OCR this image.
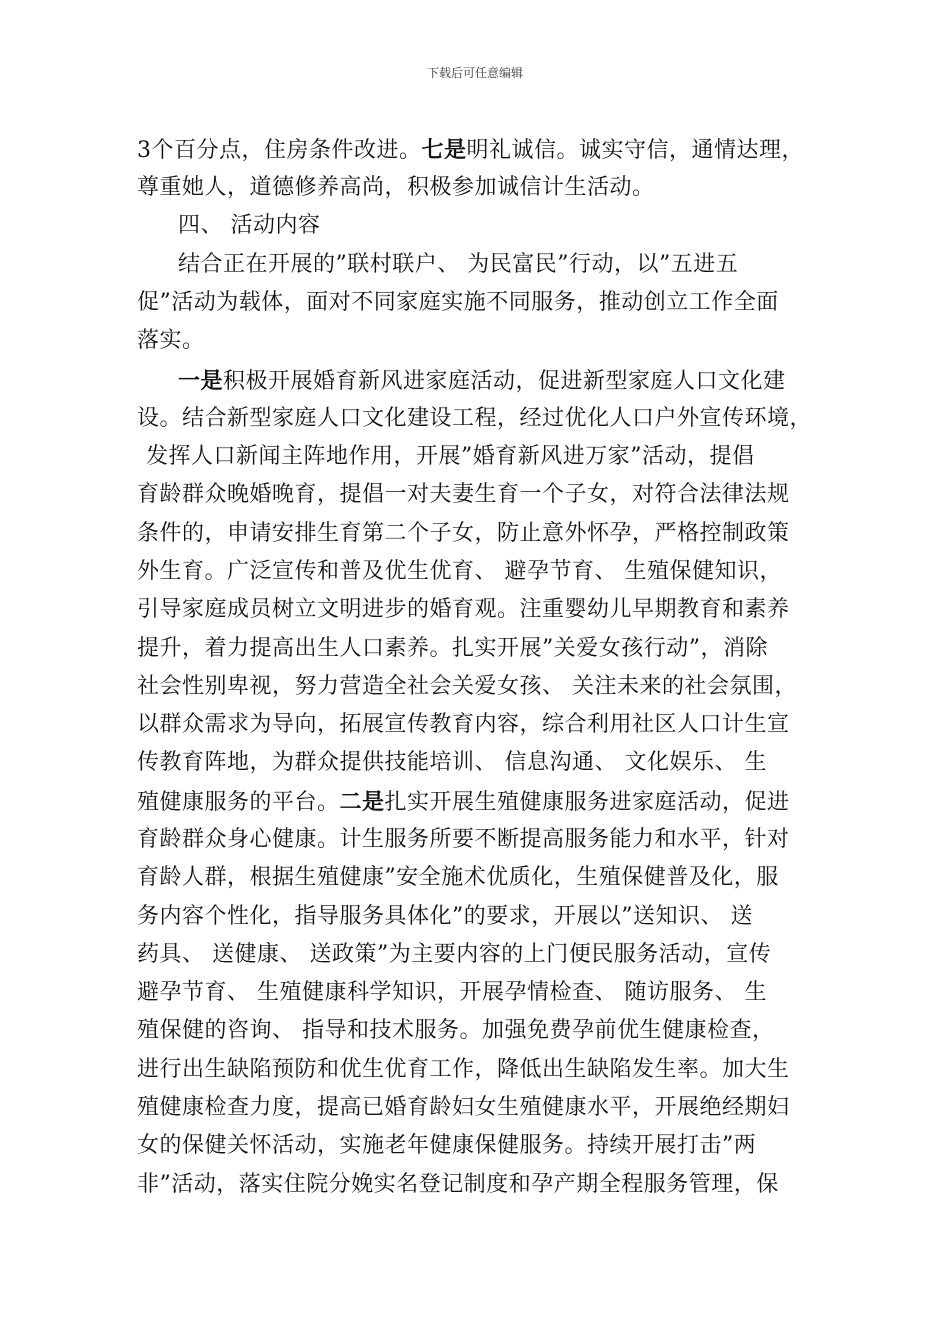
下载后可任意编辑
3个百分点，住房条件改进。七是明礼诚信。诚实守信，通情达理，
尊重她人，道德修养高尚，积极参加诚信计生活动。
四、 活动内容
结合正在开展的”联村联户、 为民富民”行动，以”五进五
促”活动为载体，面对不同家庭实施不同服务，推动创立工作全面
落实。
一是积极开展婚育新风进家庭活动，促进新型家庭人口文化建
设。结合新型家庭人口文化建设工程，经过优化人口户外宣传环境，
发挥人口新闻主阵地作用，开展”婚育新风进万家”活动，提倡
育龄群众晚婚晚育，提倡一对夫妻生育一个子女，对符合法律法规
条件的，申请安排生育第二个子女，防止意外怀孕，严格控制政策
外生育。广泛宣传和普及优生优育、 避孕节育、 生殖保健知识，
引导家庭成员树立文明进步的婚育观。注重婴幼儿早期教育和素养
提升，着力提高出生人口素养。扎实开展”关爱女孩行动”，消除
社会性别卑视，努力营造全社会关爱女孩、 关注未来的社会氛围，
以群众需求为导向，拓展宣传教育内容，综合利用社区人口计生宣
传教育阵地，为群众提供技能培训、 信息沟通、 文化娱乐、 生
殖健康服务的平台。二是扎实开展生殖健康服务进家庭活动，促进
育龄群众身心健康。计生服务所要不断提高服务能力和水平，针对
育龄人群，根据生殖健康”安全施术优质化，生殖保健普及化，服
务内容个性化，指导服务具体化”的要求，开展以”送知识、 送
药具、 送健康、 送政策”为主要内容的上门便民服务活动，宣传
避孕节育、 生殖健康科学知识，开展孕情检查、 随访服务、 生
殖保健的咨询、 指导和技术服务。加强免费孕前优生健康检查，
进行出生缺陷预防和优生优育工作，降低出生缺陷发生率。加大生
殖健康检查力度，提高已婚育龄妇女生殖健康水平，开展绝经期妇
女的保健关怀活动，实施老年健康保健服务。持续开展打击”两
非”活动，落实住院分娩实名登记制度和孕产期全程服务管理，保
